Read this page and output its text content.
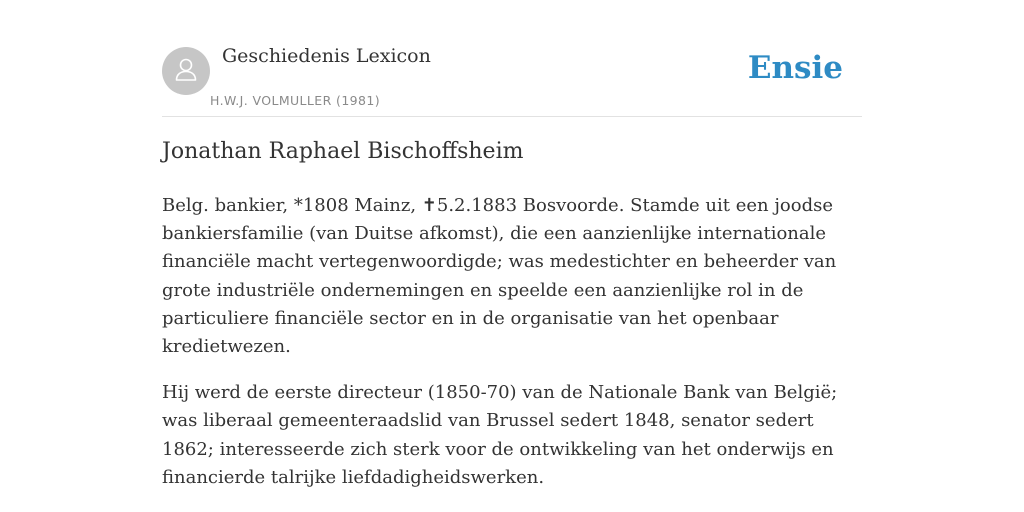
Geschiedenis Lexicon
H.W.J. VOLMULLER (1981)
Ensie
Jonathan Raphael Bischoffsheim

Belg. bankier, *1808 Mainz, ✝5.2.1883 Bosvoorde. Stamde uit een joodse bankiersfamilie (van Duitse afkomst), die een aanzienlijke internationale financiële macht vertegenwoordigde; was medestichter en beheerder van grote industriële ondernemingen en speelde een aanzienlijke rol in de particuliere financiële sector en in de organisatie van het openbaar kredietwezen.

Hij werd de eerste directeur (1850-70) van de Nationale Bank van België; was liberaal gemeenteraadslid van Brussel sedert 1848, senator sedert 1862; interesseerde zich sterk voor de ontwikkeling van het onderwijs en financierde talrijke liefdadigheidswerken.
